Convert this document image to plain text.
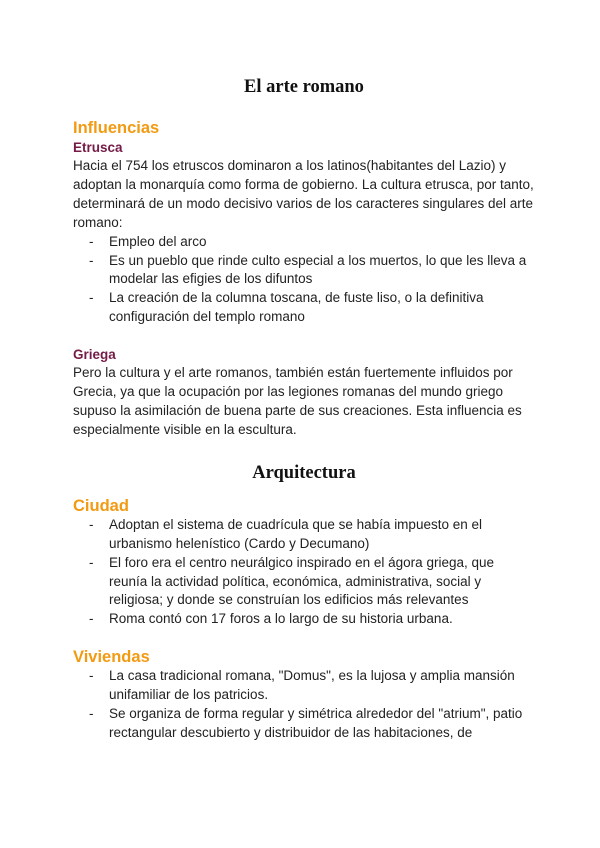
El arte romano
Influencias
Etrusca

Hacia el 754 los etruscos dominaron a los latinos(habitantes del Lazio) y adoptan la monarquía como forma de gobierno. La cultura etrusca, por tanto, determinará de un modo decisivo varios de los caracteres singulares del arte romano:

- Empleo del arco
- Es un pueblo que rinde culto especial a los muertos, lo que les lleva a modelar las efigies de los difuntos
- La creación de la columna toscana, de fuste liso, o la definitiva configuración del templo romano
Griega

Pero la cultura y el arte romanos, también están fuertemente influidos por Grecia, ya que la ocupación por las legiones romanas del mundo griego supuso la asimilación de buena parte de sus creaciones. Esta influencia es especialmente visible en la escultura.

Arquitectura
Ciudad
- Adoptan el sistema de cuadrícula que se había impuesto en el urbanismo helenístico (Cardo y Decumano)
- El foro era el centro neurálgico inspirado en el ágora griega, que reunía la actividad política, económica, administrativa, social y religiosa; y donde se construían los edificios más relevantes
- Roma contó con 17 foros a lo largo de su historia urbana.
Viviendas
- La casa tradicional romana, "Domus", es la lujosa y amplia mansión unifamiliar de los patricios.
- Se organiza de forma regular y simétrica alrededor del "atrium", patio rectangular descubierto y distribuidor de las habitaciones, de
